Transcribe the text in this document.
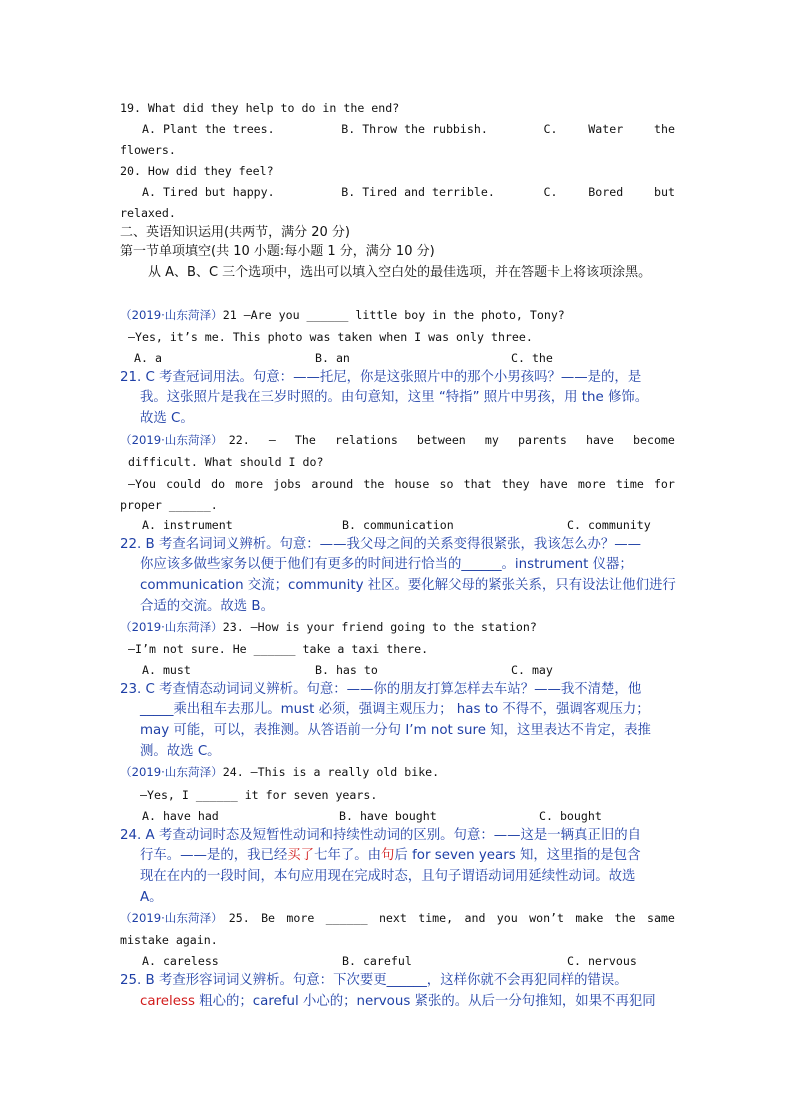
19. What did they help to do in the end?
A. Plant the trees.	B. Throw the rubbish.	C.	Water	the
flowers.
20. How did they feel?
A. Tired but happy.	B. Tired and terrible.	C.	Bored	but
relaxed.
二、英语知识运用(共两节，满分 20 分)
第一节单项填空(共 10 小题:每小题 1 分，满分 10 分)
从 A、B、C 三个选项中，选出可以填入空白处的最佳选项，并在答题卡上将该项涂黑。
（2019·山东菏泽）21 —Are you ______ little boy in the photo, Tony?
—Yes, it’s me. This photo was taken when I was only three.
A. a	B. an	C. the
21. C 考查冠词用法。句意：——托尼，你是这张照片中的那个小男孩吗？——是的，是
我。这张照片是我在三岁时照的。由句意知，这里 “特指” 照片中男孩，用 the 修饰。
故选 C。
（2019·山东菏泽） 22. — The relations between my parents have become
difficult. What should I do?
—You could do more jobs around the house so that they have more time for
proper ______.
A. instrument	B. communication	C. community
22. B 考查名词词义辨析。句意：——我父母之间的关系变得很紧张，我该怎么办？——
你应该多做些家务以便于他们有更多的时间进行恰当的______。instrument 仪器；
communication 交流；community 社区。要化解父母的紧张关系，只有设法让他们进行
合适的交流。故选 B。
（2019·山东菏泽）23. —How is your friend going to the station?
—I’m not sure. He ______ take a taxi there.
A. must	B. has to	C. may
23. C 考查情态动词词义辨析。句意：——你的朋友打算怎样去车站？——我不清楚，他
_____乘出租车去那儿。must 必须，强调主观压力； has to 不得不，强调客观压力；
may 可能，可以，表推测。从答语前一分句 I’m not sure 知，这里表达不肯定，表推
测。故选 C。
（2019·山东菏泽）24. —This is a really old bike.
—Yes, I ______ it for seven years.
A. have had	B. have bought	C. bought
24. A 考查动词时态及短暂性动词和持续性动词的区别。句意：——这是一辆真正旧的自
行车。——是的，我已经买了七年了。由句后 for seven years 知，这里指的是包含
现在在内的一段时间，本句应用现在完成时态，且句子谓语动词用延续性动词。故选
A。
（2019·山东菏泽） 25. Be more ______ next time, and you won’t make the same
mistake again.
A. careless	B. careful	C. nervous
25. B 考查形容词词义辨析。句意：下次要更______，这样你就不会再犯同样的错误。
careless 粗心的；careful 小心的；nervous 紧张的。从后一分句推知，如果不再犯同
